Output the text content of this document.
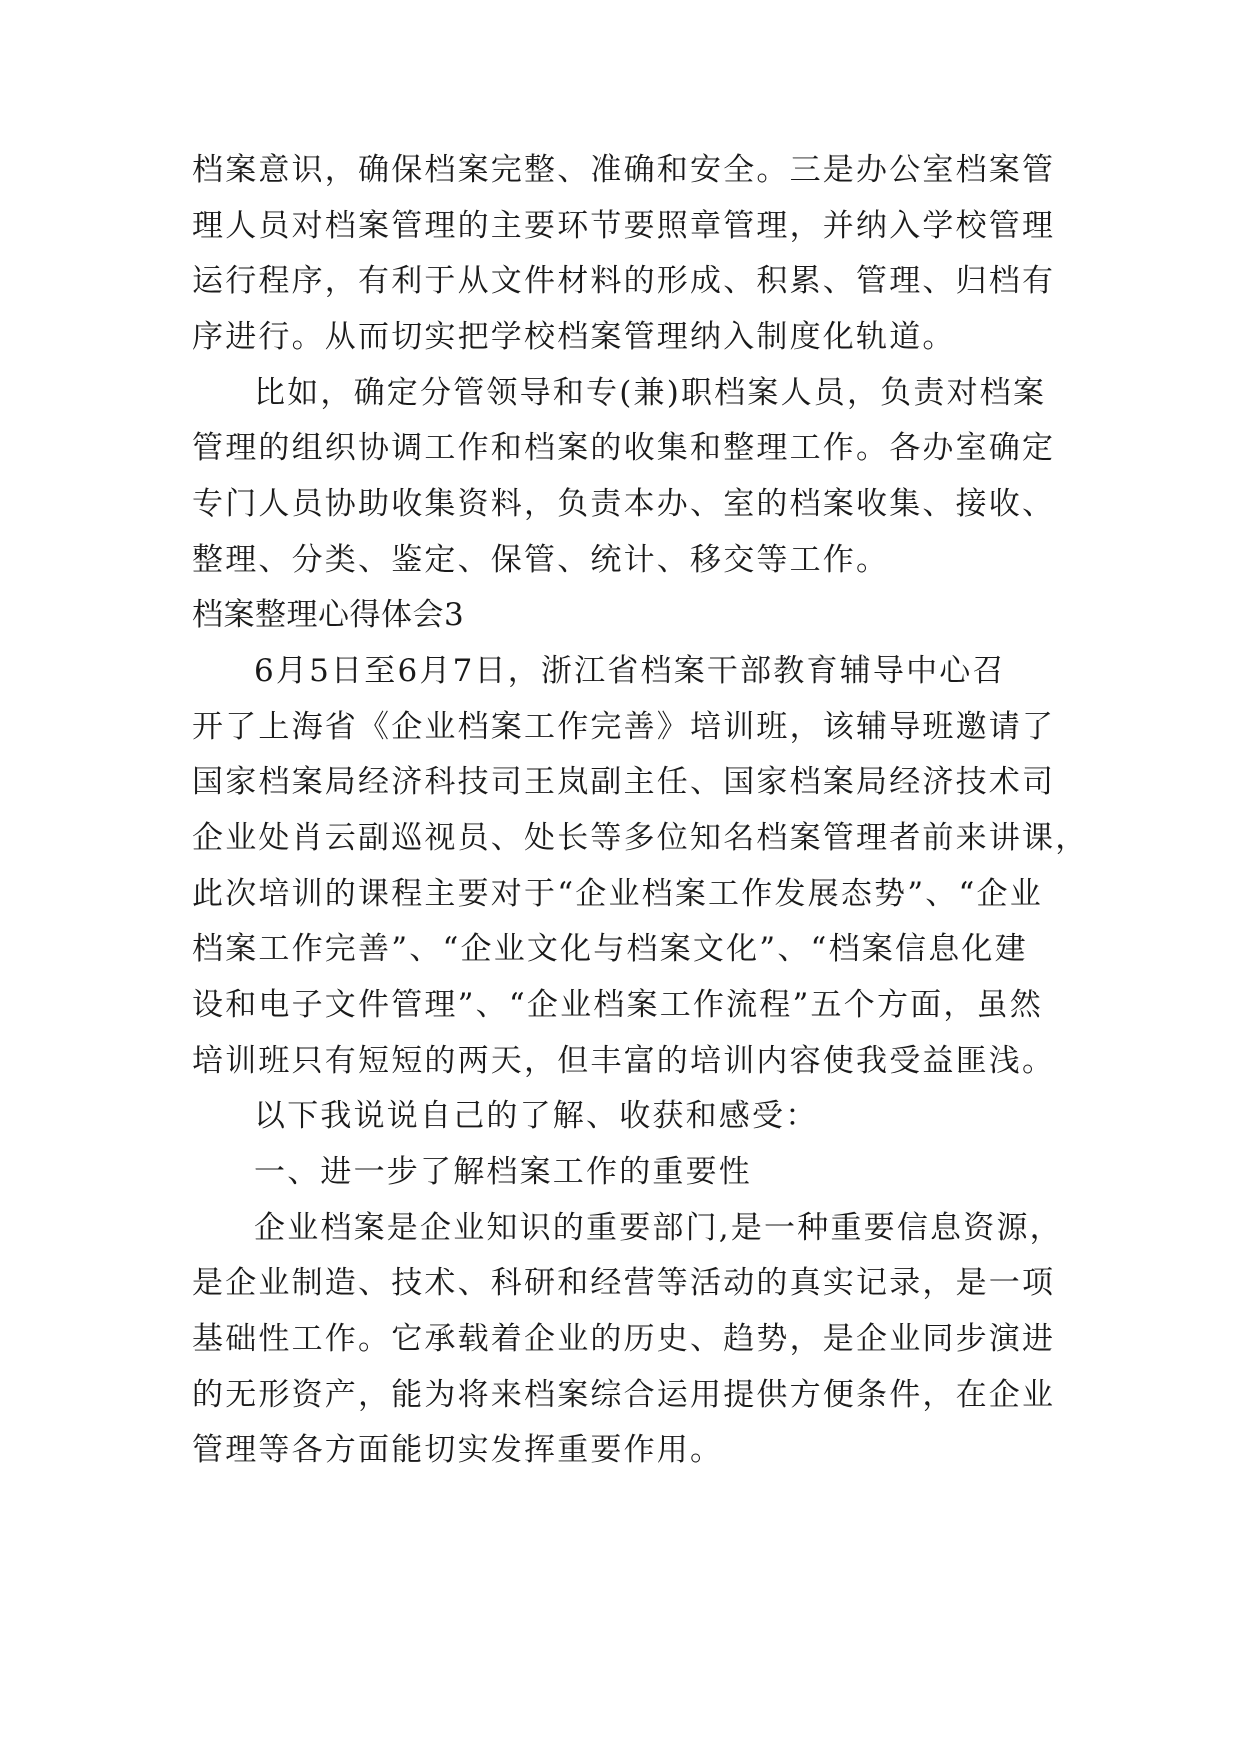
档案意识，确保档案完整、准确和安全。三是办公室档案管
理人员对档案管理的主要环节要照章管理，并纳入学校管理
运行程序，有利于从文件材料的形成、积累、管理、归档有
序进行。从而切实把学校档案管理纳入制度化轨道。
比如，确定分管领导和专(兼)职档案人员，负责对档案
管理的组织协调工作和档案的收集和整理工作。各办室确定
专门人员协助收集资料，负责本办、室的档案收集、接收、
整理、分类、鉴定、保管、统计、移交等工作。
档案整理心得体会3
6月5日至6月7日，浙江省档案干部教育辅导中心召
开了上海省《企业档案工作完善》培训班，该辅导班邀请了
国家档案局经济科技司王岚副主任、国家档案局经济技术司
企业处肖云副巡视员、处长等多位知名档案管理者前来讲课，
此次培训的课程主要对于“企业档案工作发展态势”、“企业
档案工作完善”、“企业文化与档案文化”、“档案信息化建
设和电子文件管理”、“企业档案工作流程”五个方面，虽然
培训班只有短短的两天，但丰富的培训内容使我受益匪浅。
以下我说说自己的了解、收获和感受：
一、进一步了解档案工作的重要性
企业档案是企业知识的重要部门,是一种重要信息资源，
是企业制造、技术、科研和经营等活动的真实记录，是一项
基础性工作。它承载着企业的历史、趋势，是企业同步演进
的无形资产，能为将来档案综合运用提供方便条件，在企业
管理等各方面能切实发挥重要作用。
